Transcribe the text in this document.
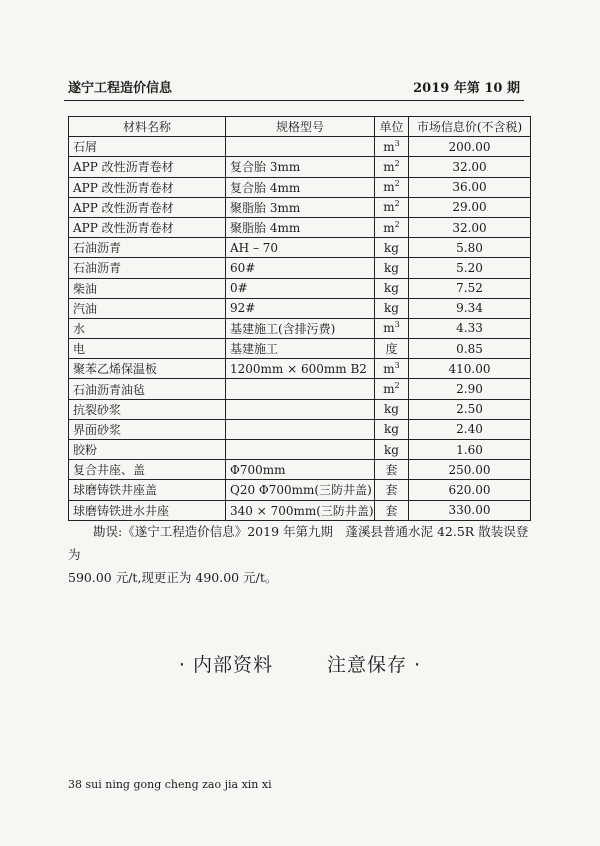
遂宁工程造价信息	2019 年第 10 期
材料名称	规格型号	单位	市场信息价(不含税)
石屑		$m^3$	200.00
APP 改性沥青卷材	复合胎 3mm	$m^2$	32.00
APP 改性沥青卷材	复合胎 4mm	$m^2$	36.00
APP 改性沥青卷材	聚脂胎 3mm	$m^2$	29.00
APP 改性沥青卷材	聚脂胎 4mm	$m^2$	32.00
石油沥青	AH – 70	kg	5.80
石油沥青	60#	kg	5.20
柴油	0#	kg	7.52
汽油	92#	kg	9.34
水	基建施工(含排污费)	$m^3$	4.33
电	基建施工	度	0.85
聚苯乙烯保温板	1200mm × 600mm B2	$m^3$	410.00
石油沥青油毡		$m^2$	2.90
抗裂砂浆		kg	2.50
界面砂浆		kg	2.40
胶粉		kg	1.60
复合井座、盖	Φ700mm	套	250.00
球磨铸铁井座盖	Q20 Φ700mm(三防井盖)	套	620.00
球磨铸铁进水井座	340 × 700mm(三防井盖)	套	330.00

勘误:《遂宁工程造价信息》2019 年第九期　蓬溪县普通水泥 42.5R 散装误登为

590.00 元/t,现更正为 490.00 元/t。

· 内部资料	注意保存 ·
38 sui ning gong cheng zao jia xin xi
